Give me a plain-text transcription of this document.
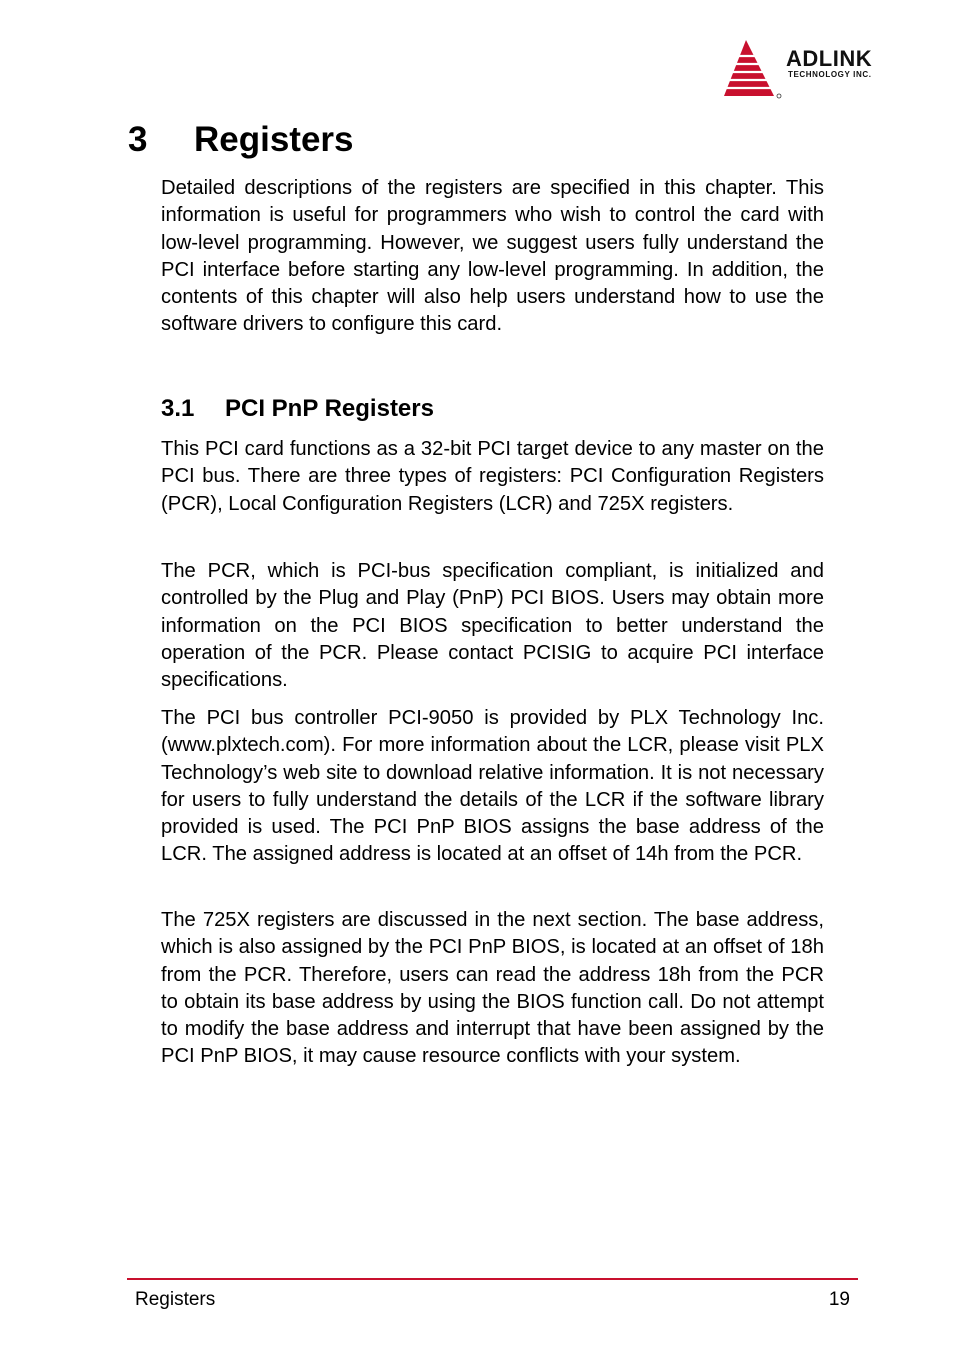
ADLINK
TECHNOLOGY INC.
3 Registers

Detailed descriptions of the registers are specified in this chapter. This information is useful for programmers who wish to control the card with low-level programming. However, we suggest users fully understand the PCI interface before starting any low-level programming. In addition, the contents of this chapter will also help users understand how to use the software drivers to configure this card.

3.1 PCI PnP Registers

This PCI card functions as a 32-bit PCI target device to any master on the PCI bus. There are three types of registers: PCI Configuration Registers (PCR), Local Configuration Registers (LCR) and 725X registers.

The PCR, which is PCI-bus specification compliant, is initialized and controlled by the Plug and Play (PnP) PCI BIOS. Users may obtain more information on the PCI BIOS specification to better understand the operation of the PCR. Please contact PCISIG to acquire PCI interface specifications.

The PCI bus controller PCI-9050 is provided by PLX Technology Inc. (www.plxtech.com). For more information about the LCR, please visit PLX Technology’s web site to download relative information. It is not necessary for users to fully understand the details of the LCR if the software library provided is used. The PCI PnP BIOS assigns the base address of the LCR. The assigned address is located at an offset of 14h from the PCR.

The 725X registers are discussed in the next section. The base address, which is also assigned by the PCI PnP BIOS, is located at an offset of 18h from the PCR. Therefore, users can read the address 18h from the PCR to obtain its base address by using the BIOS function call. Do not attempt to modify the base address and interrupt that have been assigned by the PCI PnP BIOS, it may cause resource conflicts with your system.

Registers	19
